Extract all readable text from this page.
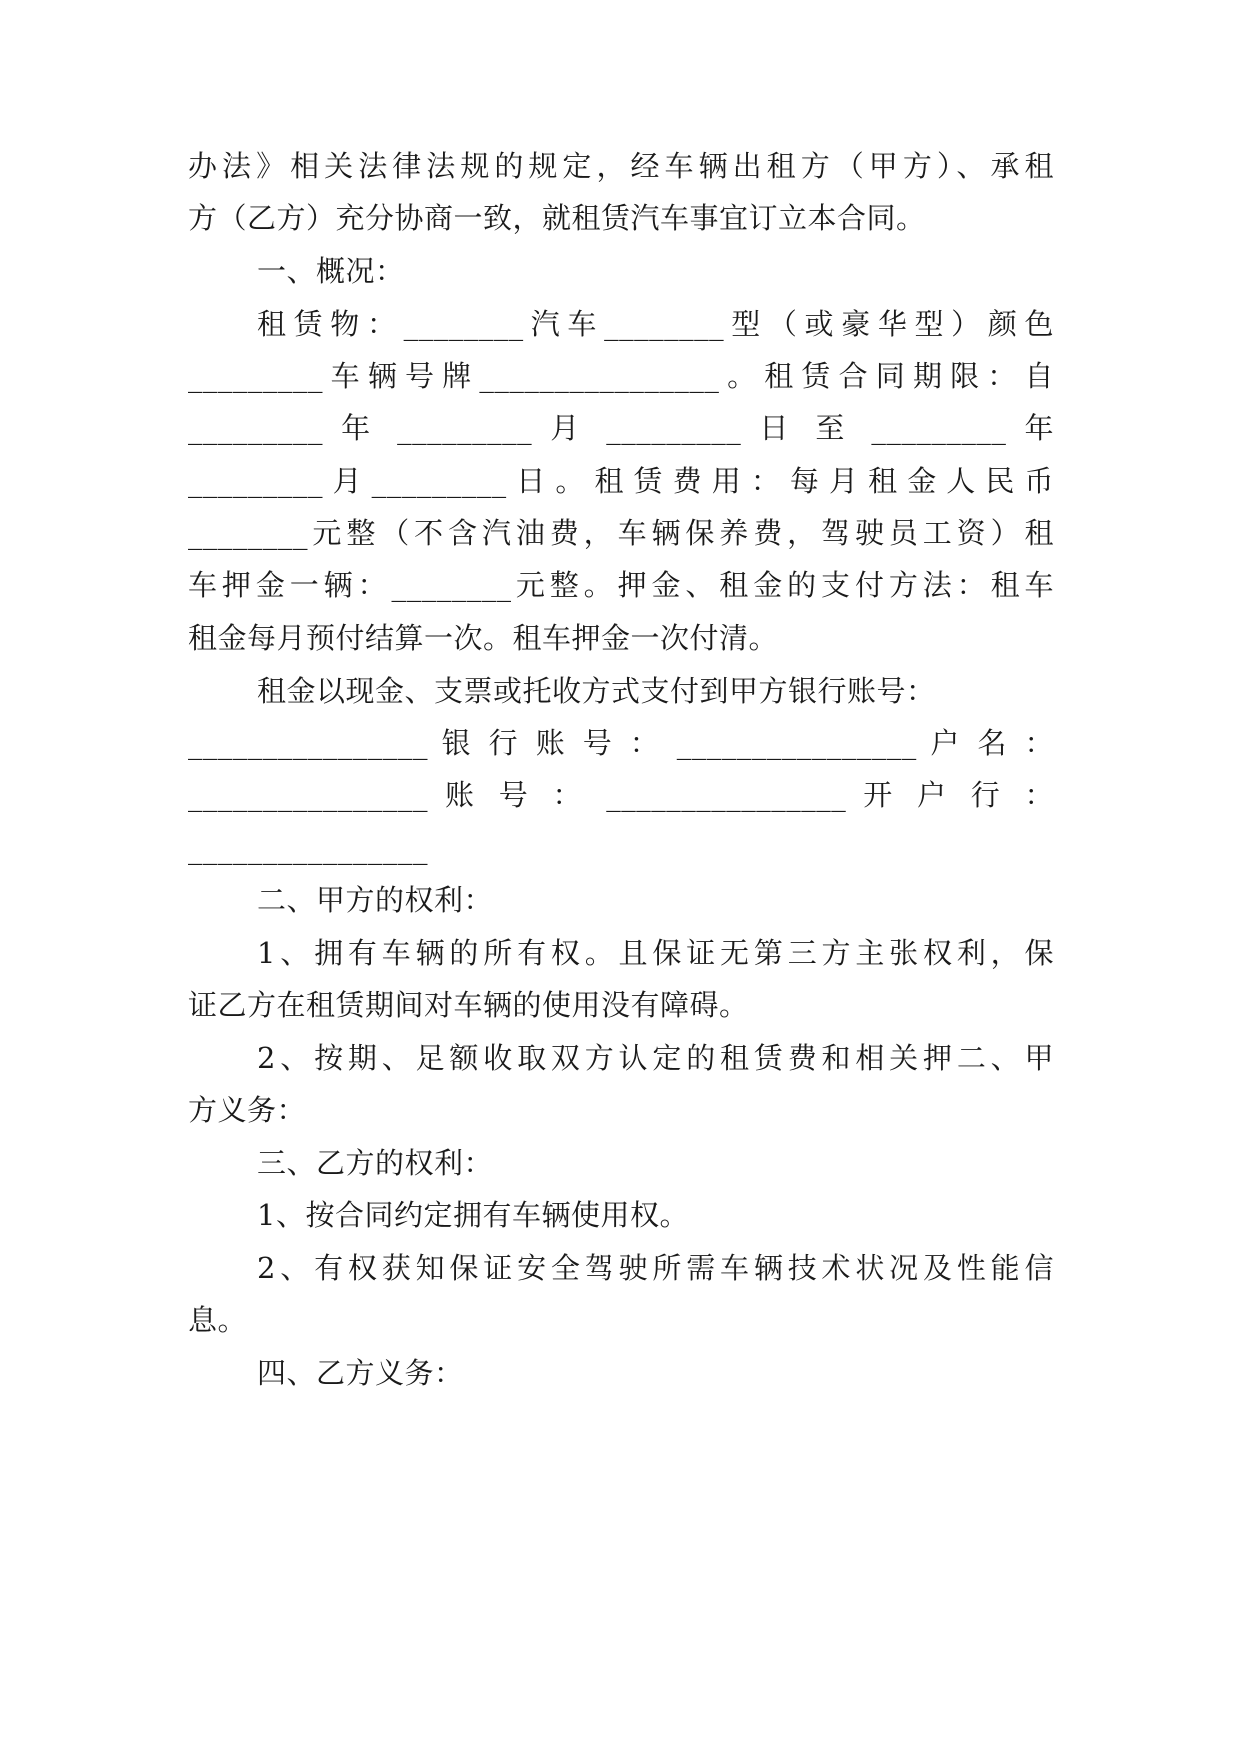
办法》相关法律法规的规定，经车辆出租方（甲方）、承租
方（乙方）充分协商一致，就租赁汽车事宜订立本合同。
一、概况：
租赁物：________汽车________型（或豪华型）颜色
_________车辆号牌________________。租赁合同期限：自
_________ 年 _________ 月 _________ 日 至 _________ 年
_________月_________日。租赁费用：每月租金人民币
________元整（不含汽油费，车辆保养费，驾驶员工资）租
车押金一辆：________元整。押金、租金的支付方法：租车
租金每月预付结算一次。租车押金一次付清。
租金以现金、支票或托收方式支付到甲方银行账号：
________________ 银 行 账 号 ： ________________ 户 名 ：
________________ 账 号 ： ________________ 开 户 行 ：
________________
二、甲方的权利：
1、拥有车辆的所有权。且保证无第三方主张权利，保
证乙方在租赁期间对车辆的使用没有障碍。
2、按期、足额收取双方认定的租赁费和相关押二、甲
方义务：
三、乙方的权利：
1、按合同约定拥有车辆使用权。
2、有权获知保证安全驾驶所需车辆技术状况及性能信
息。
四、乙方义务：
